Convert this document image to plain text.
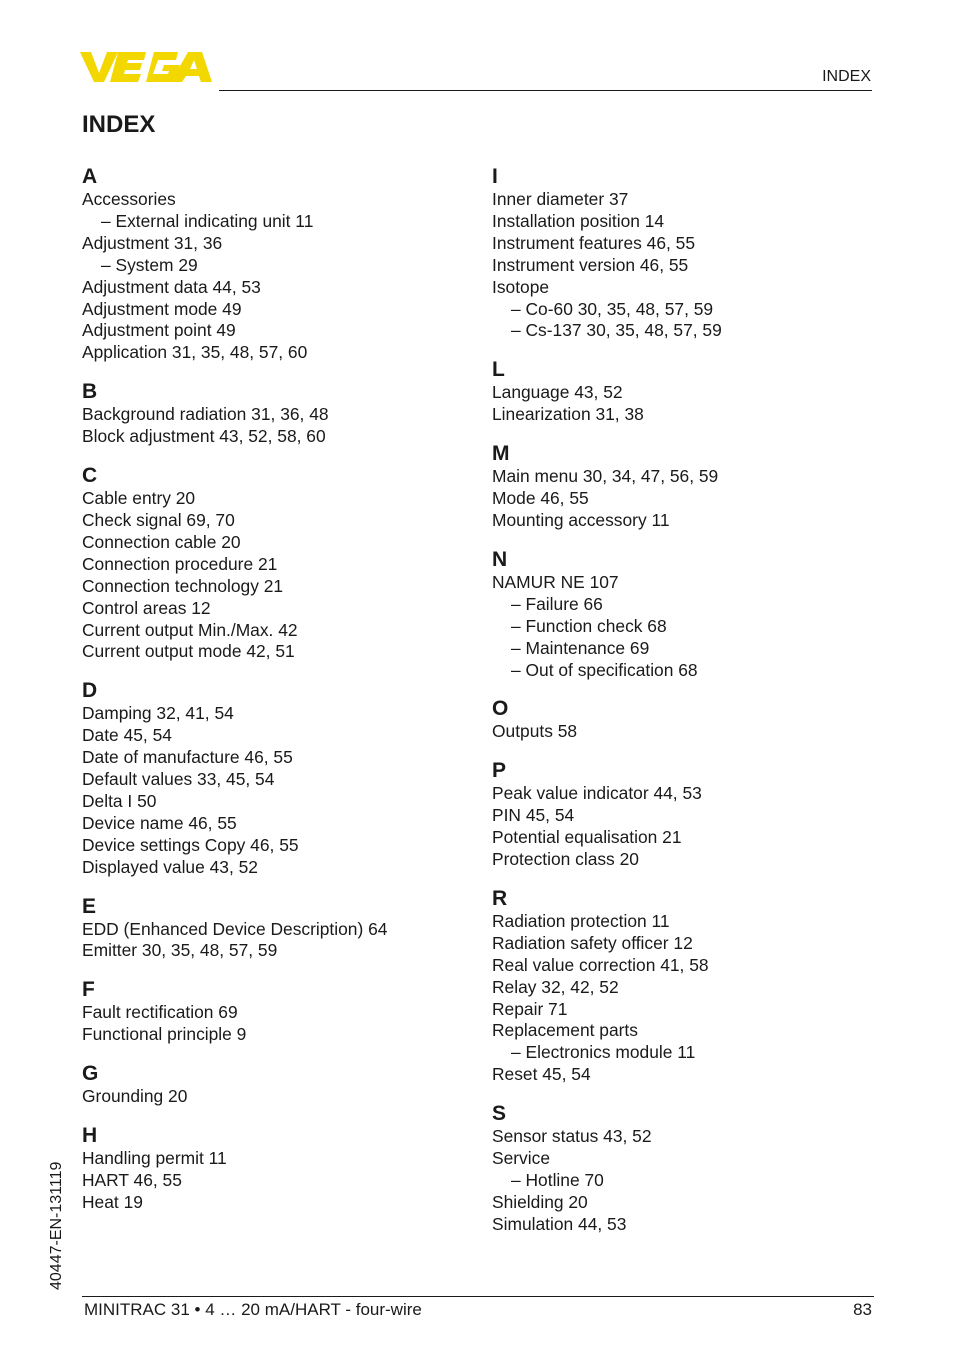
INDEX
INDEX
A
Accessories
– External indicating unit 11
Adjustment 31, 36
– System 29
Adjustment data 44, 53
Adjustment mode 49
Adjustment point 49
Application 31, 35, 48, 57, 60
B
Background radiation 31, 36, 48
Block adjustment 43, 52, 58, 60
C
Cable entry 20
Check signal 69, 70
Connection cable 20
Connection procedure 21
Connection technology 21
Control areas 12
Current output Min./Max. 42
Current output mode 42, 51
D
Damping 32, 41, 54
Date 45, 54
Date of manufacture 46, 55
Default values 33, 45, 54
Delta I 50
Device name 46, 55
Device settings Copy 46, 55
Displayed value 43, 52
E
EDD (Enhanced Device Description) 64
Emitter 30, 35, 48, 57, 59
F
Fault rectification 69
Functional principle 9
G
Grounding 20
H
Handling permit 11
HART 46, 55
Heat 19
I
Inner diameter 37
Installation position 14
Instrument features 46, 55
Instrument version 46, 55
Isotope
– Co-60 30, 35, 48, 57, 59
– Cs-137 30, 35, 48, 57, 59
L
Language 43, 52
Linearization 31, 38
M
Main menu 30, 34, 47, 56, 59
Mode 46, 55
Mounting accessory 11
N
NAMUR NE 107
– Failure 66
– Function check 68
– Maintenance 69
– Out of specification 68
O
Outputs 58
P
Peak value indicator 44, 53
PIN 45, 54
Potential equalisation 21
Protection class 20
R
Radiation protection 11
Radiation safety officer 12
Real value correction 41, 58
Relay 32, 42, 52
Repair 71
Replacement parts
– Electronics module 11
Reset 45, 54
S
Sensor status 43, 52
Service
– Hotline 70
Shielding 20
Simulation 44, 53
40447-EN-131119
MINITRAC 31 • 4 … 20 mA/HART - four-wire	83
